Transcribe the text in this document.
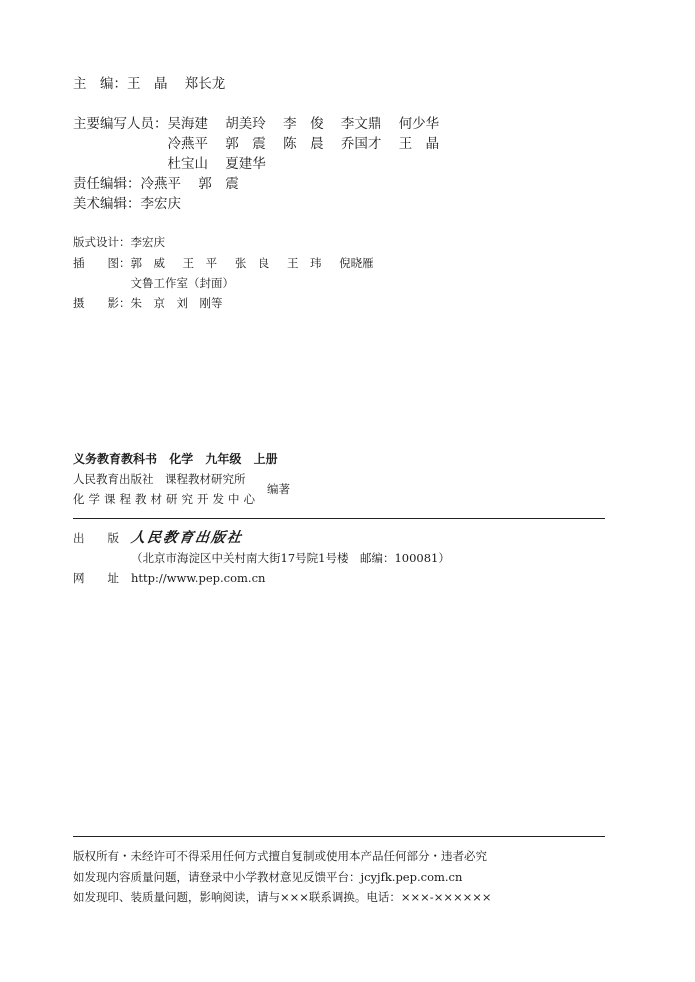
主　编： 王　晶 郑长龙
主要编写人员： 吴海建 胡美玲 李　俊 李文鼎 何少华
冷燕平 郭　震 陈　晨 乔国才 王　晶
杜宝山 夏建华
责任编辑： 冷燕平 郭　震
美术编辑： 李宏庆
版式设计： 李宏庆
插　　图： 郭　威 王　平 张　良 王　玮 倪晓雁
文鲁工作室（封面）
摄　　影： 朱　京　刘　刚等
义务教育教科书 化学 九年级 上册
人民教育出版社　课程教材研究所
化学课程教材研究开发中心
编著
出　　版 人民教育出版社
（北京市海淀区中关村南大街17号院1号楼　邮编：100081）
网　　址	http://www.pep.com.cn
版权所有・未经许可不得采用任何方式擅自复制或使用本产品任何部分・违者必究
如发现内容质量问题，请登录中小学教材意见反馈平台：jcyjfk.pep.com.cn
如发现印、装质量问题，影响阅读，请与×××联系调换。电话：×××-××××××
